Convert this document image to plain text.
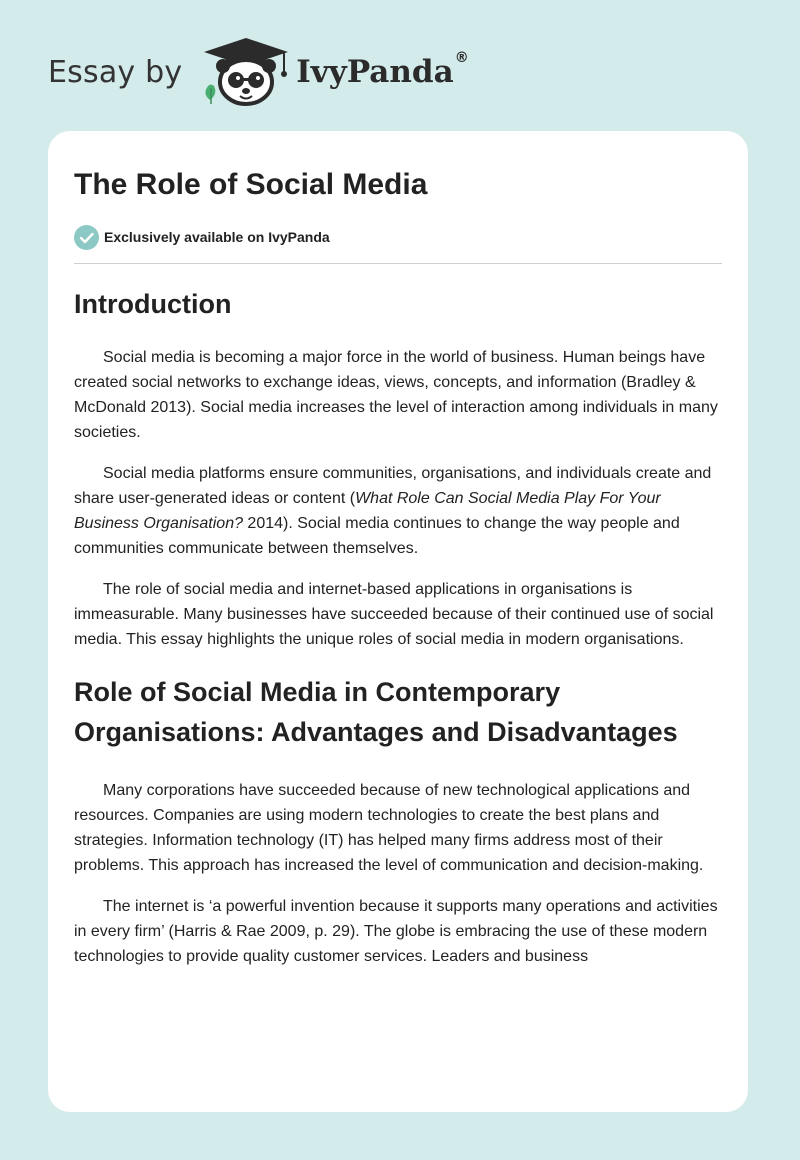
Essay by	IvyPanda®
The Role of Social Media
Exclusively available on IvyPanda
Introduction

Social media is becoming a major force in the world of business. Human beings have created social networks to exchange ideas, views, concepts, and information (Bradley & McDonald 2013). Social media increases the level of interaction among individuals in many societies.

Social media platforms ensure communities, organisations, and individuals create and share user-generated ideas or content (What Role Can Social Media Play For Your Business Organisation? 2014). Social media continues to change the way people and communities communicate between themselves.

The role of social media and internet-based applications in organisations is immeasurable. Many businesses have succeeded because of their continued use of social media. This essay highlights the unique roles of social media in modern organisations.

Role of Social Media in Contemporary Organisations: Advantages and Disadvantages

Many corporations have succeeded because of new technological applications and resources. Companies are using modern technologies to create the best plans and strategies. Information technology (IT) has helped many firms address most of their problems. This approach has increased the level of communication and decision-making.

The internet is ‘a powerful invention because it supports many operations and activities in every firm’ (Harris & Rae 2009, p. 29). The globe is embracing the use of these modern technologies to provide quality customer services. Leaders and business
